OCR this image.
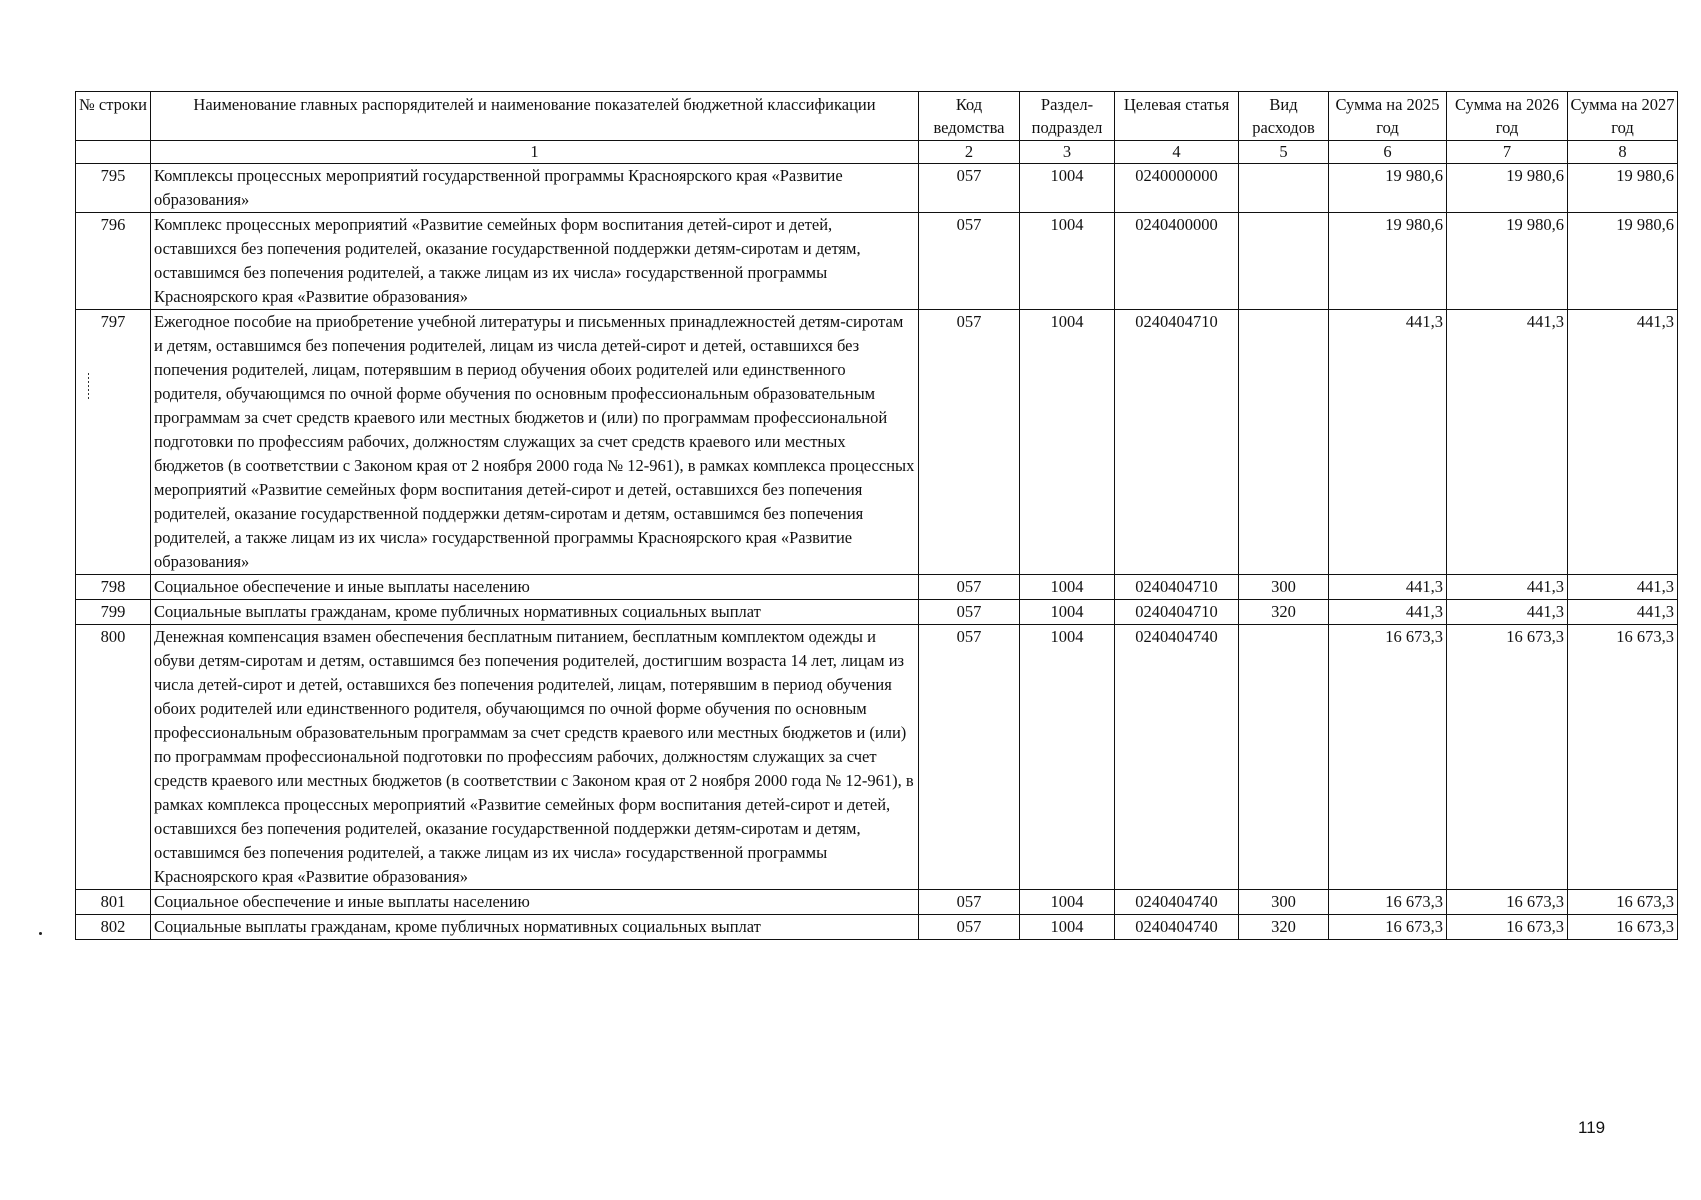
№ строки	Наименование главных распорядителей и наименование показателей бюджетной классификации	Код ведомства	Раздел-подраздел	Целевая статья	Вид расходов	Сумма на 2025 год	Сумма на 2026 год	Сумма на 2027 год
	1	2	3	4	5	6	7	8
795	Комплексы процессных мероприятий государственной программы Красноярского края «Развитие образования»	057	1004	0240000000		19 980,6	19 980,6	19 980,6
796	Комплекс процессных мероприятий «Развитие семейных форм воспитания детей-сирот и детей, оставшихся без попечения родителей, оказание государственной поддержки детям-сиротам и детям, оставшимся без попечения родителей, а также лицам из их числа» государственной программы Красноярского края «Развитие образования»	057	1004	0240400000		19 980,6	19 980,6	19 980,6
797	Ежегодное пособие на приобретение учебной литературы и письменных принадлежностей детям-сиротам и детям, оставшимся без попечения родителей, лицам из числа детей-сирот и детей, оставшихся без попечения родителей, лицам, потерявшим в период обучения обоих родителей или единственного родителя, обучающимся по очной форме обучения по основным профессиональным образовательным программам за счет средств краевого или местных бюджетов и (или) по программам профессиональной подготовки по профессиям рабочих, должностям служащих за счет средств краевого или местных бюджетов (в соответствии с Законом края от 2 ноября 2000 года № 12-961), в рамках комплекса процессных мероприятий «Развитие семейных форм воспитания детей-сирот и детей, оставшихся без попечения родителей, оказание государственной поддержки детям-сиротам и детям, оставшимся без попечения родителей, а также лицам из их числа» государственной программы Красноярского края «Развитие образования»	057	1004	0240404710		441,3	441,3	441,3
798	Социальное обеспечение и иные выплаты населению	057	1004	0240404710	300	441,3	441,3	441,3
799	Социальные выплаты гражданам, кроме публичных нормативных социальных выплат	057	1004	0240404710	320	441,3	441,3	441,3
800	Денежная компенсация взамен обеспечения бесплатным питанием, бесплатным комплектом одежды и обуви детям-сиротам и детям, оставшимся без попечения родителей, достигшим возраста 14 лет, лицам из числа детей-сирот и детей, оставшихся без попечения родителей, лицам, потерявшим в период обучения обоих родителей или единственного родителя, обучающимся по очной форме обучения по основным профессиональным образовательным программам за счет средств краевого или местных бюджетов и (или) по программам профессиональной подготовки по профессиям рабочих, должностям служащих за счет средств краевого или местных бюджетов (в соответствии с Законом края от 2 ноября 2000 года № 12-961), в рамках комплекса процессных мероприятий «Развитие семейных форм воспитания детей-сирот и детей, оставшихся без попечения родителей, оказание государственной поддержки детям-сиротам и детям, оставшимся без попечения родителей, а также лицам из их числа» государственной программы Красноярского края «Развитие образования»	057	1004	0240404740		16 673,3	16 673,3	16 673,3
801	Социальное обеспечение и иные выплаты населению	057	1004	0240404740	300	16 673,3	16 673,3	16 673,3
802	Социальные выплаты гражданам, кроме публичных нормативных социальных выплат	057	1004	0240404740	320	16 673,3	16 673,3	16 673,3
119
